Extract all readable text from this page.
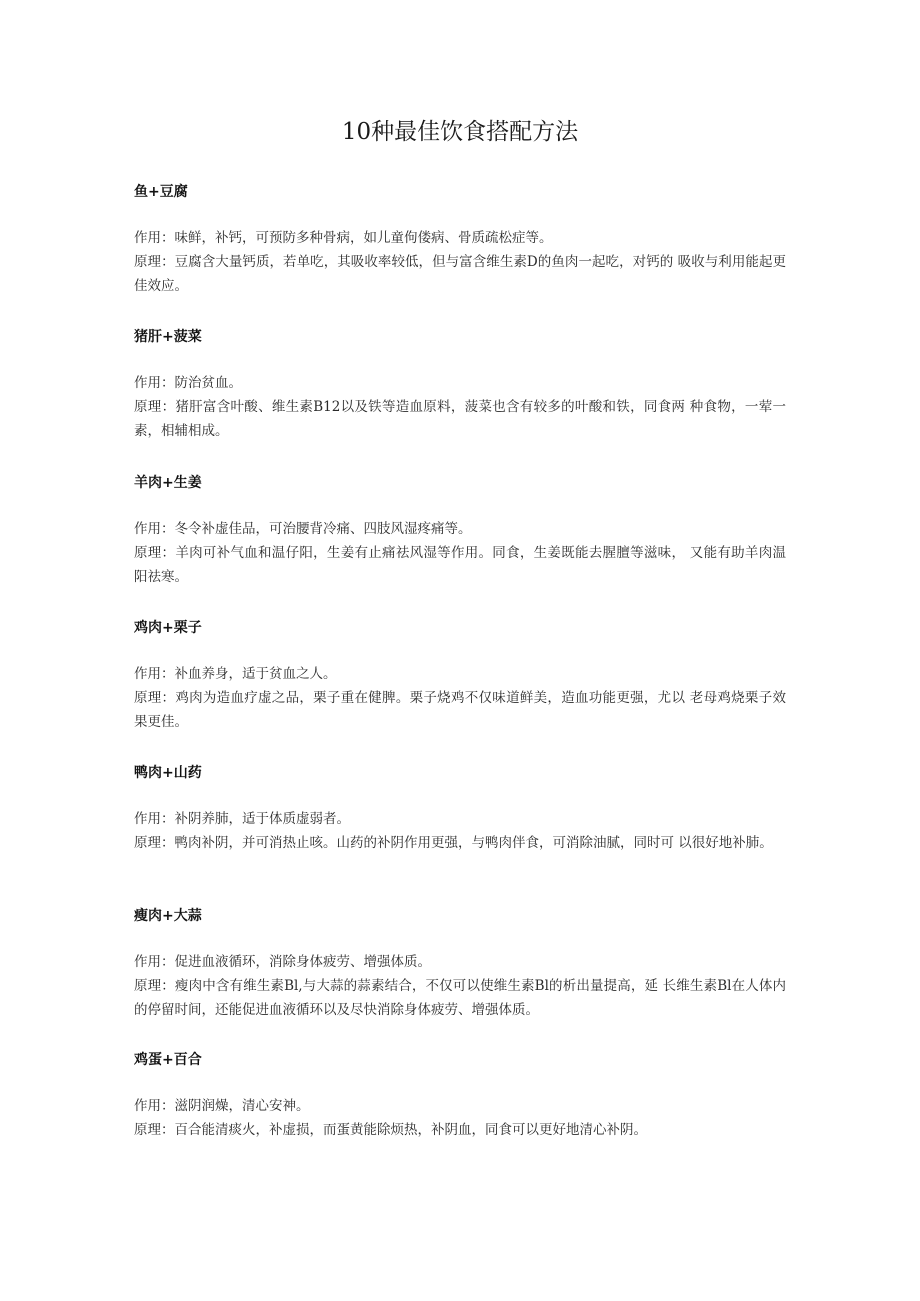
10种最佳饮食搭配方法
鱼+豆腐

作用：味鲜，补钙，可预防多种骨病，如儿童佝偻病、骨质疏松症等。

原理：豆腐含大量钙质，若单吃，其吸收率较低，但与富含维生素D的鱼肉一起吃，对钙的 吸收与利用能起更佳效应。

猪肝+菠菜

作用：防治贫血。

原理：猪肝富含叶酸、维生素B12以及铁等造血原料，菠菜也含有较多的叶酸和铁，同食两 种食物，一荤一素，相辅相成。

羊肉+生姜

作用：冬令补虚佳品，可治腰背冷痛、四肢风湿疼痛等。

原理：羊肉可补气血和温仔阳，生姜有止痛祛风湿等作用。同食，生姜既能去腥膻等滋味， 又能有助羊肉温阳祛寒。

鸡肉+栗子

作用：补血养身，适于贫血之人。

原理：鸡肉为造血疗虚之品，栗子重在健脾。栗子烧鸡不仅味道鲜美，造血功能更强，尤以 老母鸡烧栗子效果更佳。

鸭肉+山药

作用：补阴养肺，适于体质虚弱者。

原理：鸭肉补阴，并可消热止咳。山药的补阴作用更强，与鸭肉伴食，可消除油腻，同时可 以很好地补肺。

瘦肉+大蒜

作用：促进血液循环，消除身体疲劳、增强体质。

原理：瘦肉中含有维生素Bl,与大蒜的蒜素结合，不仅可以使维生素Bl的析出量提高，延 长维生素Bl在人体内的停留时间，还能促进血液循环以及尽快消除身体疲劳、增强体质。

鸡蛋+百合

作用：滋阴润燥，清心安神。

原理：百合能清痰火，补虚损，而蛋黄能除烦热，补阴血，同食可以更好地清心补阴。
